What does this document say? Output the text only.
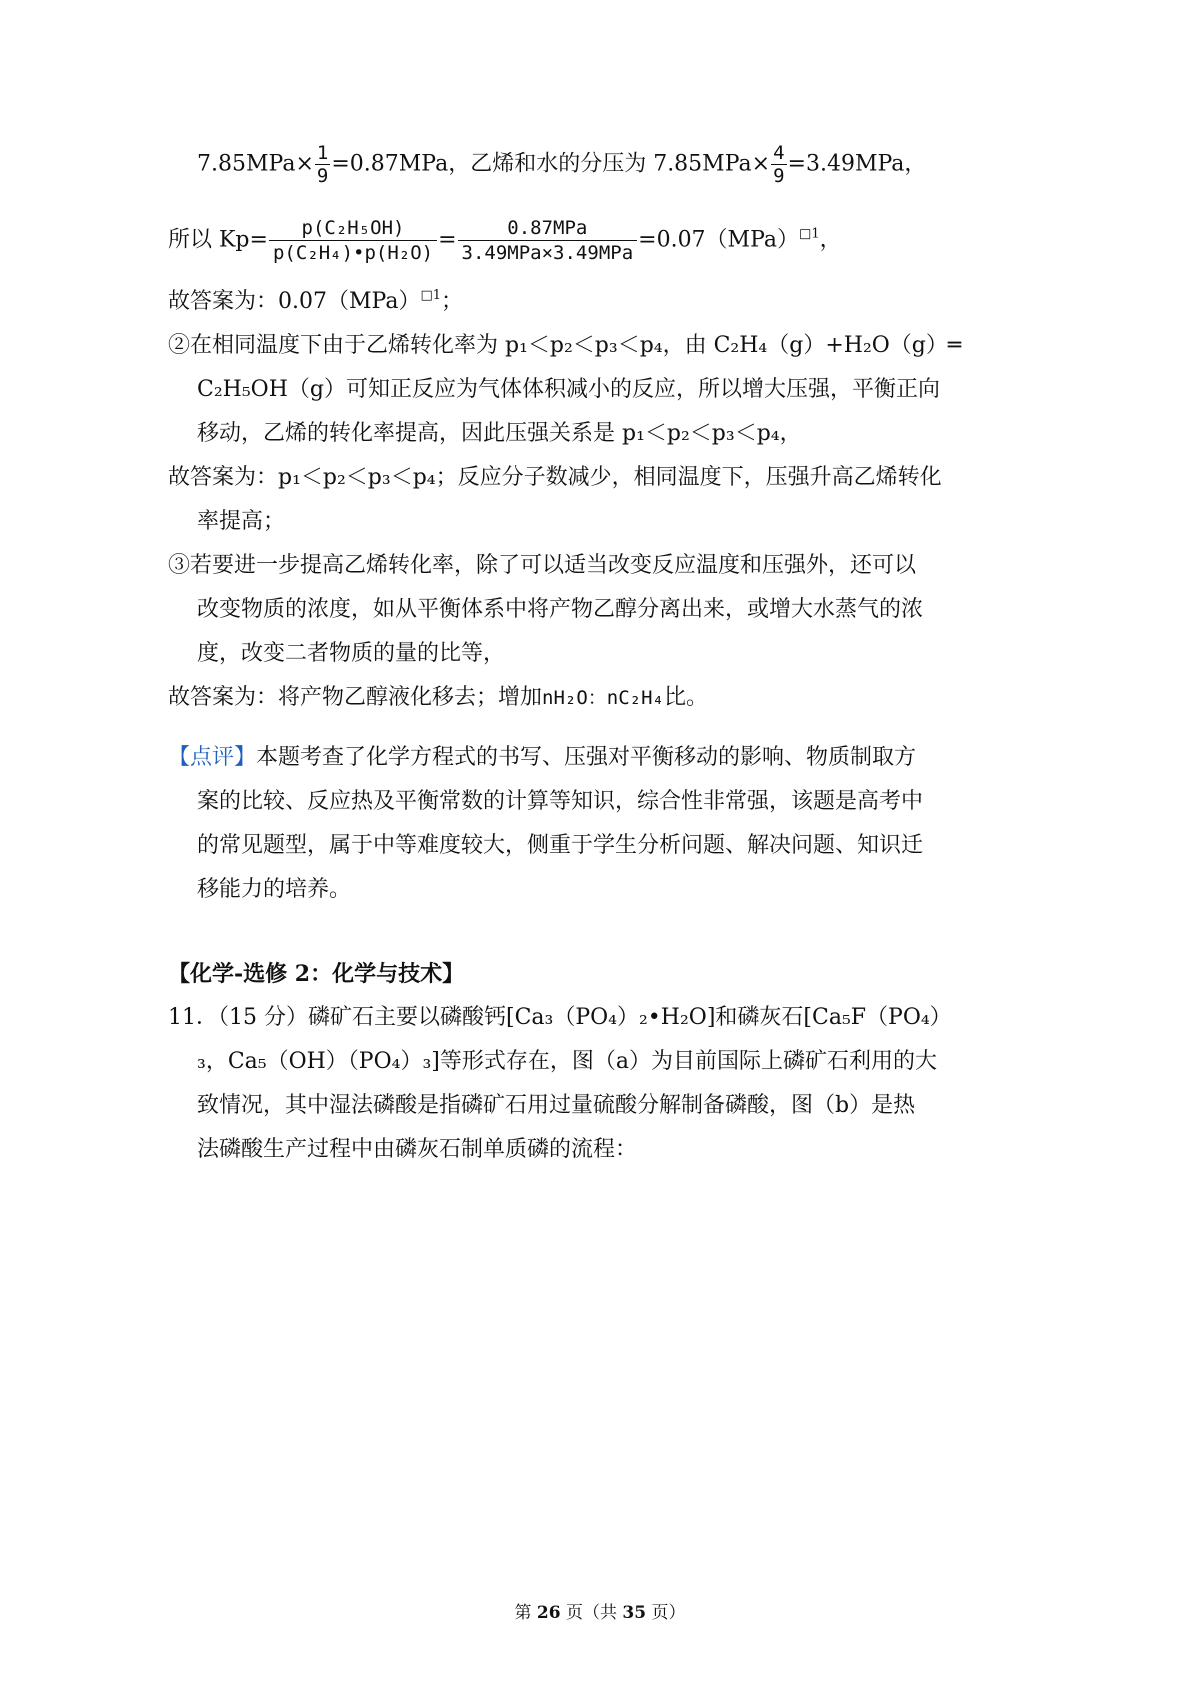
$7.85MPa\times \frac{1}{9} =0.87MPa$，乙烯和水的分压为 $7.85MPa\times \frac{4}{9} =3.49MPa$，
所以 $Kp= \frac{\text{p(C₂H₅OH)}}{\text{p(C₂H₄)•p(H₂O)}} = \frac{\text{0.87MPa}}{\text{3.49MPa×3.49MPa}} =0.07(MPa)^{□1}$，
故答案为：0.07（MPa）$^{□1}$；
②在相同温度下由于乙烯转化率为 p₁＜p₂＜p₃＜p₄，由 C₂H₄（g）+H₂O（g）═
C₂H₅OH（g）可知正反应为气体体积减小的反应，所以增大压强，平衡正向
移动，乙烯的转化率提高，因此压强关系是 p₁＜p₂＜p₃＜p₄，
故答案为：p₁＜p₂＜p₃＜p₄；反应分子数减少，相同温度下，压强升高乙烯转化
率提高；
③若要进一步提高乙烯转化率，除了可以适当改变反应温度和压强外，还可以
改变物质的浓度，如从平衡体系中将产物乙醇分离出来，或增大水蒸气的浓
度，改变二者物质的量的比等，
故答案为：将产物乙醇液化移去；增加nH₂O：nC₂H₄比。
【点评】本题考查了化学方程式的书写、压强对平衡移动的影响、物质制取方
案的比较、反应热及平衡常数的计算等知识，综合性非常强，该题是高考中
的常见题型，属于中等难度较大，侧重于学生分析问题、解决问题、知识迁
移能力的培养。
【化学-选修 2：化学与技术】
11．（15 分）磷矿石主要以磷酸钙[Ca₃（PO₄）₂•H₂O]和磷灰石[Ca₅F（PO₄）
₃，Ca₅（OH）（PO₄）₃]等形式存在，图（a）为目前国际上磷矿石利用的大
致情况，其中湿法磷酸是指磷矿石用过量硫酸分解制备磷酸，图（b）是热
法磷酸生产过程中由磷灰石制单质磷的流程：
第 26 页（共 35 页）
